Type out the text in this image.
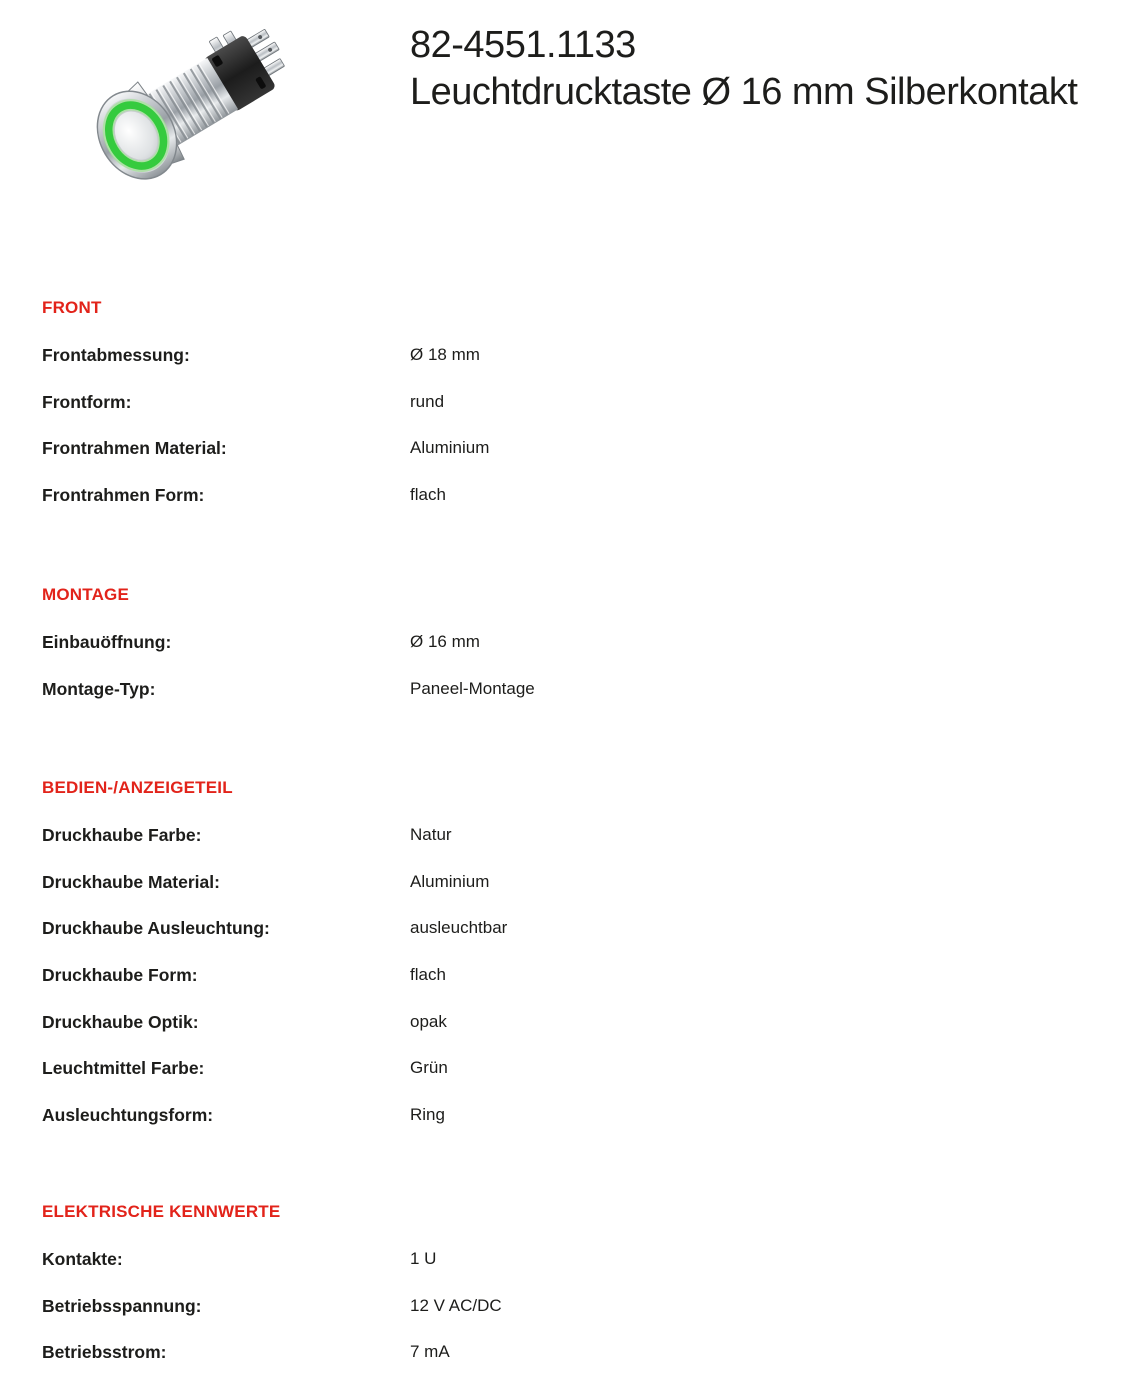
82-4551.1133
Leuchtdrucktaste Ø 16 mm Silberkontakt
FRONT
Frontabmessung:	Ø 18 mm
Frontform:	rund
Frontrahmen Material:	Aluminium
Frontrahmen Form:	flach
MONTAGE
Einbauöffnung:	Ø 16 mm
Montage-Typ:	Paneel-Montage
BEDIEN-/ANZEIGETEIL
Druckhaube Farbe:	Natur
Druckhaube Material:	Aluminium
Druckhaube Ausleuchtung:	ausleuchtbar
Druckhaube Form:	flach
Druckhaube Optik:	opak
Leuchtmittel Farbe:	Grün
Ausleuchtungsform:	Ring
ELEKTRISCHE KENNWERTE
Kontakte:	1 U
Betriebsspannung:	12 V AC/DC
Betriebsstrom:	7 mA
